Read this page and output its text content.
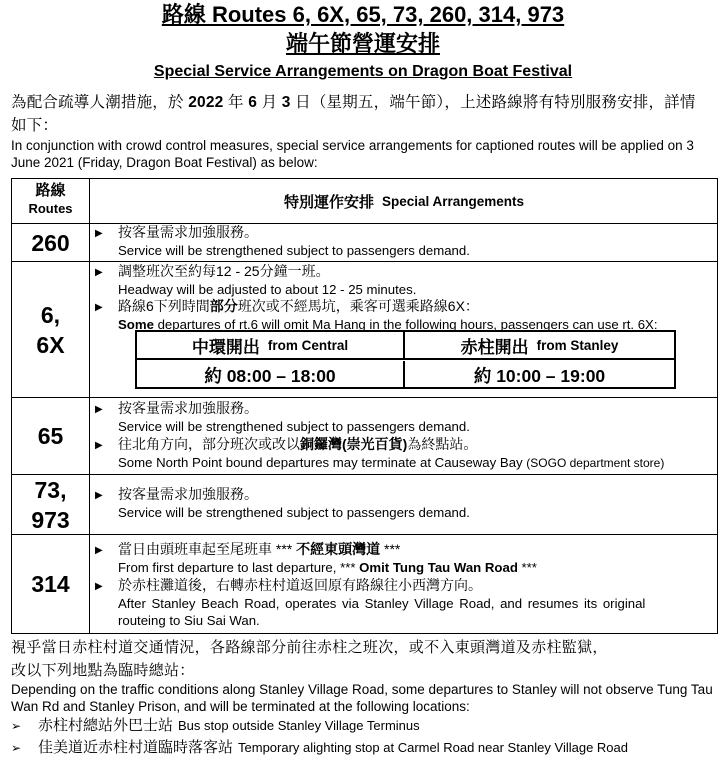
路線 Routes 6, 6X, 65, 73, 260, 314, 973
端午節營運安排
Special Service Arrangements on Dragon Boat Festival
為配合疏導人潮措施，於 2022 年 6 月 3 日（星期五，端午節），上述路線將有特別服務安排，詳情如下：
In conjunction with crowd control measures, special service arrangements for captioned routes will be applied on 3 June 2021 (Friday, Dragon Boat Festival) as below:
路線
Routes	特別運作安排 Special Arrangements
260	▶ 按客量需求加強服務。
Service will be strengthened subject to passengers demand.
6,
6X
▶ 調整班次至約每12 - 25分鐘一班。
Headway will be adjusted to about 12 - 25 minutes.
▶ 路線6下列時間部分班次或不經馬坑，乘客可選乘路線6X：
Some departures of rt.6 will omit Ma Hang in the following hours, passengers can use rt. 6X:
中環開出 from Central	赤柱開出 from Stanley
約 08:00 – 18:00	約 10:00 – 19:00
65
▶ 按客量需求加強服務。
Service will be strengthened subject to passengers demand.
▶ 往北角方向，部分班次或改以銅鑼灣(崇光百貨)為終點站。
Some North Point bound departures may terminate at Causeway Bay (SOGO department store)
73,
973
▶ 按客量需求加強服務。
Service will be strengthened subject to passengers demand.
314
▶ 當日由頭班車起至尾班車 *** 不經東頭灣道 ***
From first departure to last departure, *** Omit Tung Tau Wan Road ***
▶ 於赤柱灘道後，右轉赤柱村道返回原有路線往小西灣方向。
After Stanley Beach Road, operates via Stanley Village Road, and resumes its original
routeing to Siu Sai Wan.
視乎當日赤柱村道交通情況，各路線部分前往赤柱之班次，或不入東頭灣道及赤柱監獄，
改以下列地點為臨時總站：
Depending on the traffic conditions along Stanley Village Road, some departures to Stanley will not observe Tung Tau Wan Rd and Stanley Prison, and will be terminated at the following locations:
➢ 赤柱村總站外巴士站 Bus stop outside Stanley Village Terminus
➢ 佳美道近赤柱村道臨時落客站 Temporary alighting stop at Carmel Road near Stanley Village Road
